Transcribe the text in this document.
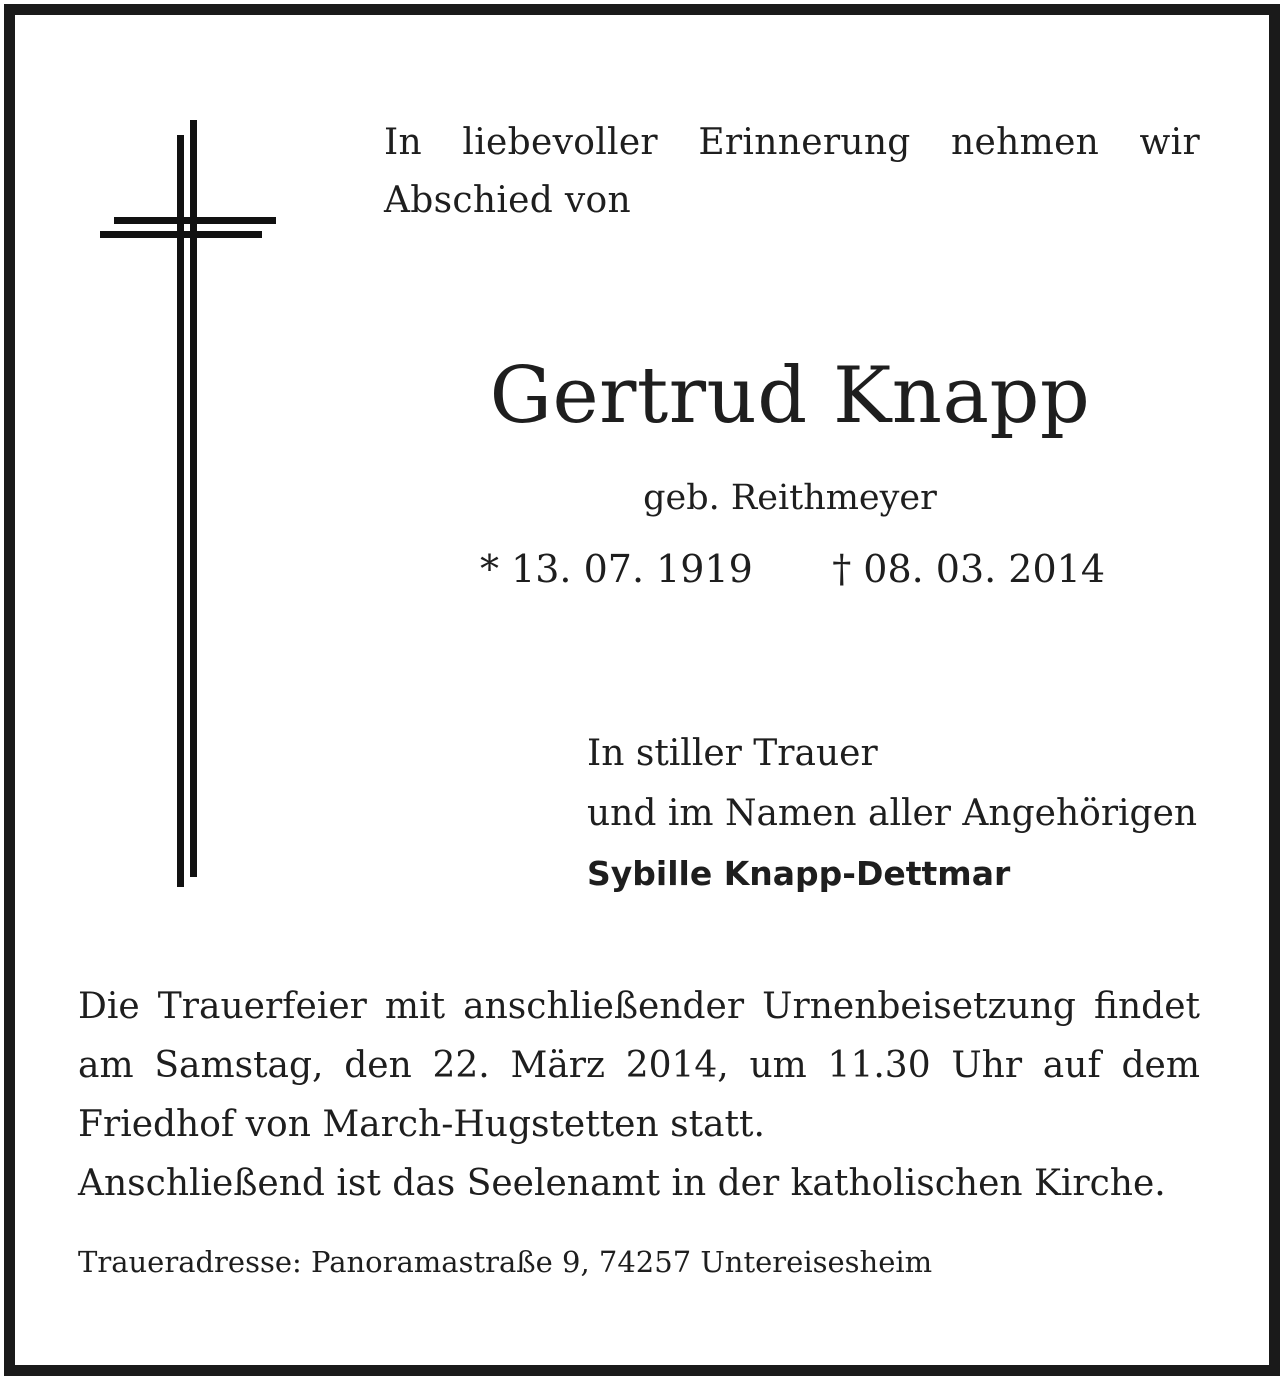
In liebevoller Erinnerung nehmen wir
Abschied von

Gertrud Knapp

geb. Reithmeyer

* 13. 07. 1919 † 08. 03. 2014
In stiller Trauer
und im Namen aller Angehörigen
Sybille Knapp-Dettmar
Die Trauerfeier mit anschließender Urnenbeisetzung findet
am Samstag, den 22. März 2014, um 11.30 Uhr auf dem
Friedhof von March-Hugstetten statt.
Anschließend ist das Seelenamt in der katholischen Kirche.
Traueradresse: Panoramastraße 9, 74257 Untereisesheim
